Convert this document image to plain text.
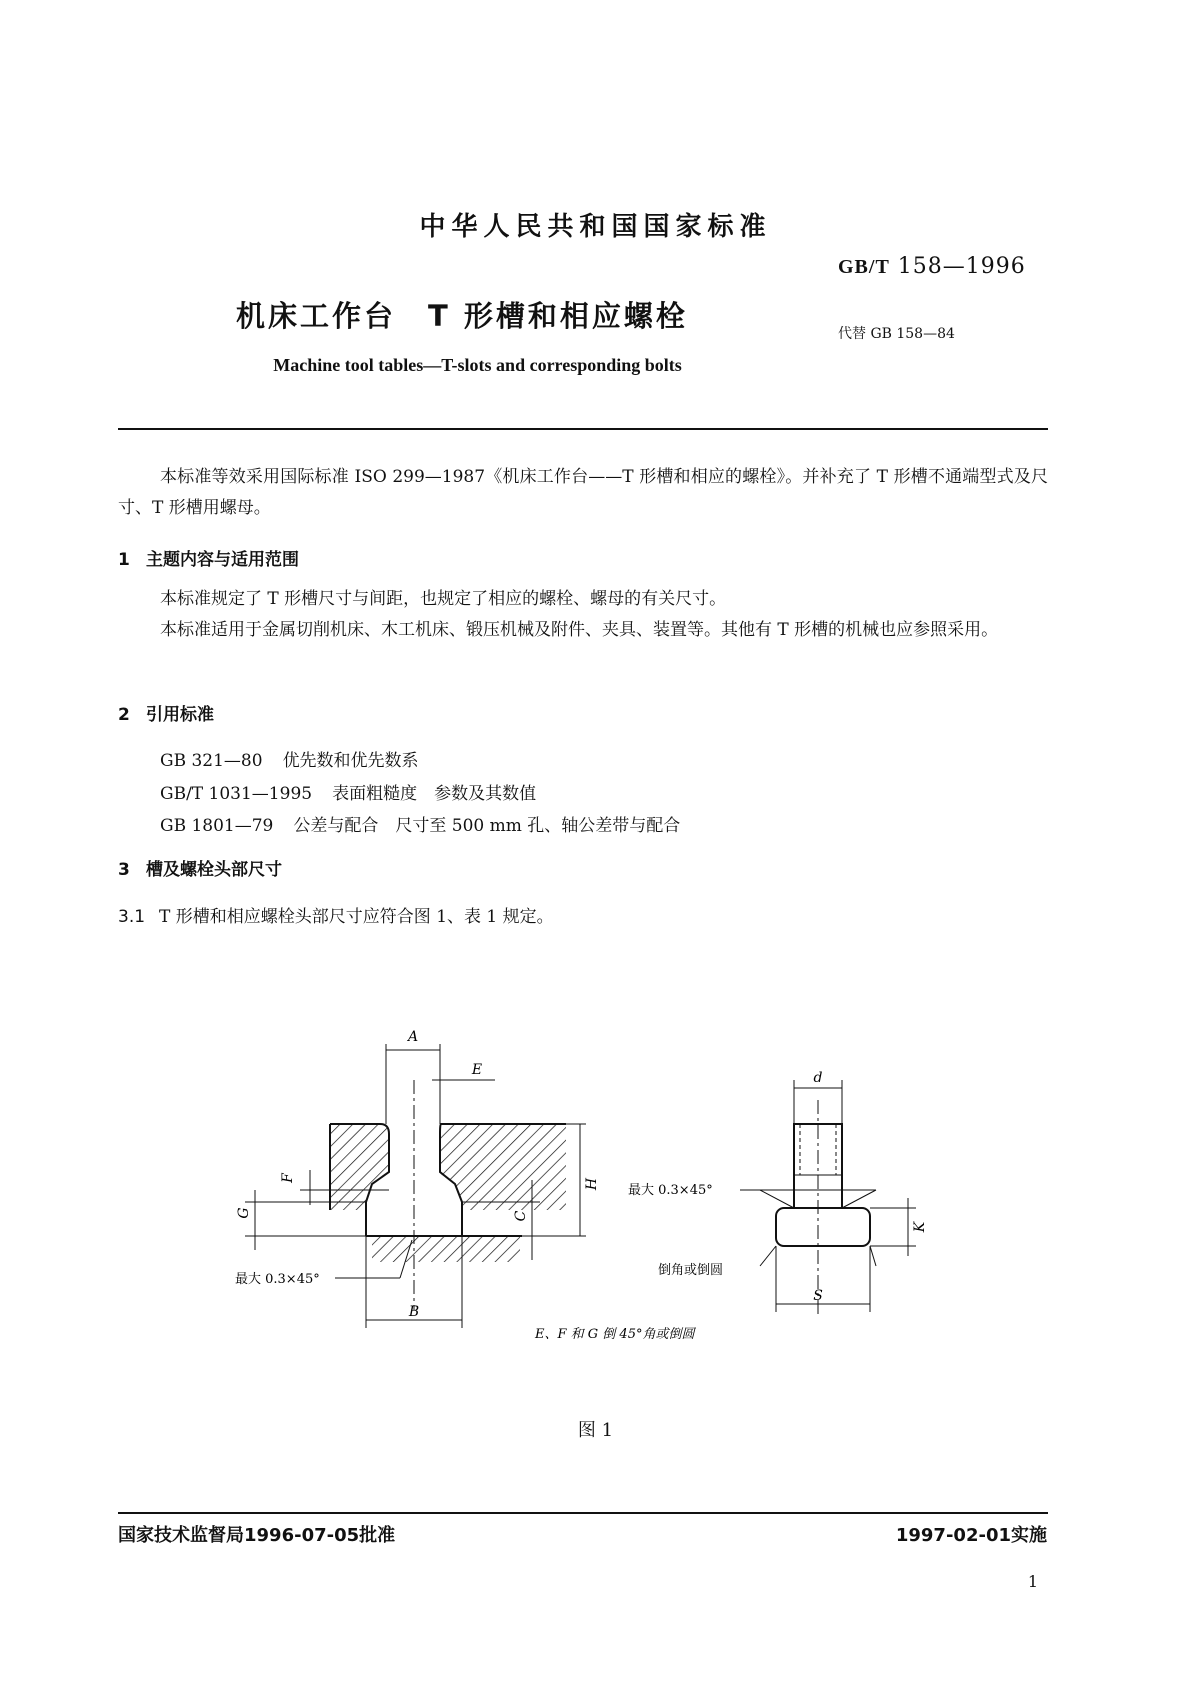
中华人民共和国国家标准
GB/T 158—1996
机床工作台　T 形槽和相应螺栓
代替 GB 158—84
Machine tool tables—T-slots and corresponding bolts
本标准等效采用国际标准 ISO 299—1987《机床工作台——T 形槽和相应的螺栓》。并补充了 T 形槽不通端型式及尺寸、T 形槽用螺母。
1 主题内容与适用范围
本标准规定了 T 形槽尺寸与间距，也规定了相应的螺栓、螺母的有关尺寸。
本标准适用于金属切削机床、木工机床、锻压机械及附件、夹具、装置等。其他有 T 形槽的机械也应参照采用。
2 引用标准
GB 321—80 优先数和优先数系
GB/T 1031—1995 表面粗糙度　参数及其数值
GB 1801—79 公差与配合　尺寸至 500 mm 孔、轴公差带与配合
3 槽及螺栓头部尺寸
3.1 T 形槽和相应螺栓头部尺寸应符合图 1、表 1 规定。
A
E
H
C
F
G
B
最大 0.3×45°
d
K
S
最大 0.3×45°
倒角或倒圆
E、F 和 G 倒 45°角或倒圆
图 1
国家技术监督局1996-07-05批准	1997-02-01实施
1
